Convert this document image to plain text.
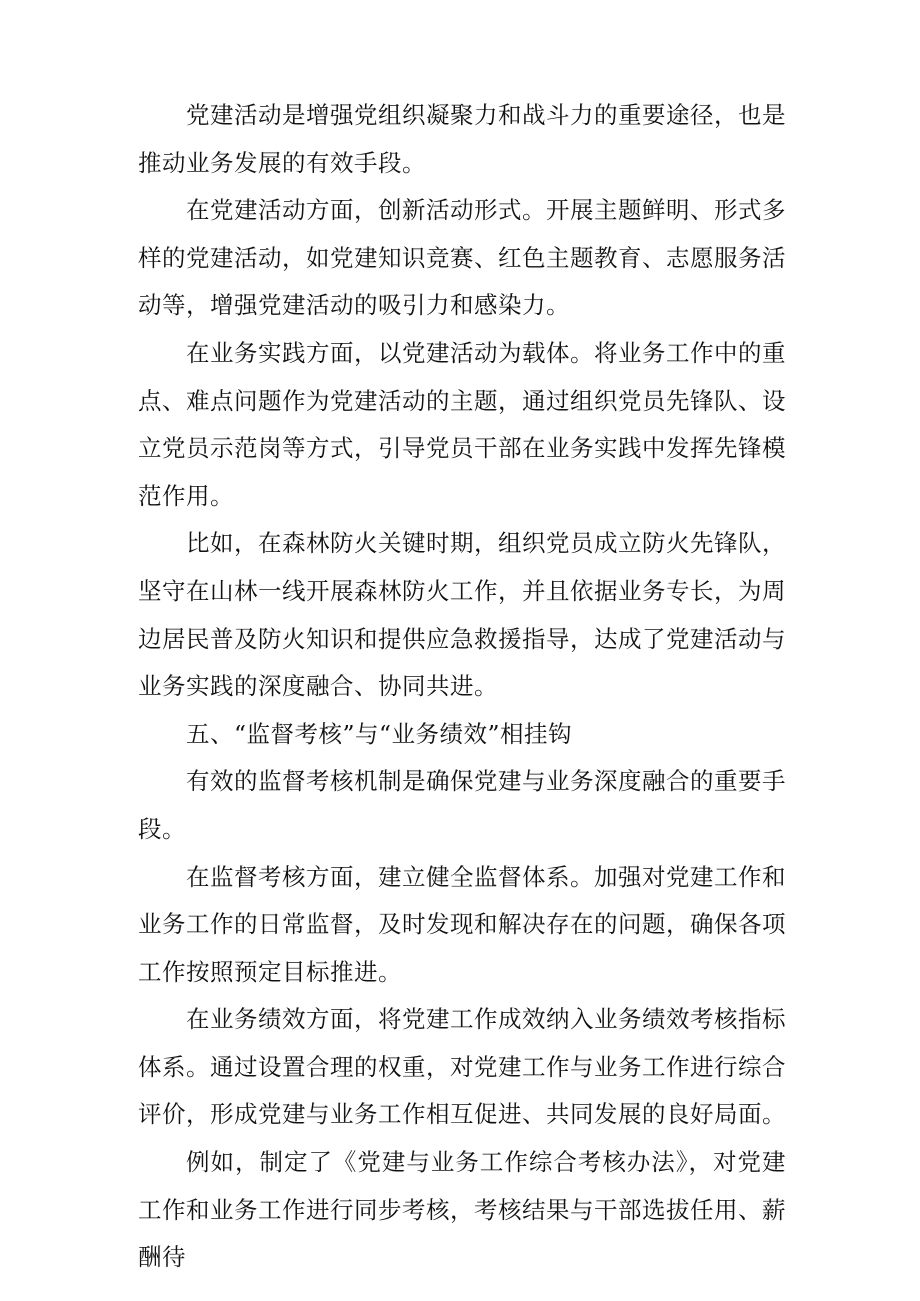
党建活动是增强党组织凝聚力和战斗力的重要途径，也是推动业务发展的有效手段。

在党建活动方面，创新活动形式。开展主题鲜明、形式多样的党建活动，如党建知识竞赛、红色主题教育、志愿服务活动等，增强党建活动的吸引力和感染力。

在业务实践方面，以党建活动为载体。将业务工作中的重点、难点问题作为党建活动的主题，通过组织党员先锋队、设立党员示范岗等方式，引导党员干部在业务实践中发挥先锋模范作用。

比如，在森林防火关键时期，组织党员成立防火先锋队，坚守在山林一线开展森林防火工作，并且依据业务专长，为周边居民普及防火知识和提供应急救援指导，达成了党建活动与业务实践的深度融合、协同共进。

五、“监督考核”与“业务绩效”相挂钩

有效的监督考核机制是确保党建与业务深度融合的重要手段。

在监督考核方面，建立健全监督体系。加强对党建工作和业务工作的日常监督，及时发现和解决存在的问题，确保各项工作按照预定目标推进。

在业务绩效方面，将党建工作成效纳入业务绩效考核指标体系。通过设置合理的权重，对党建工作与业务工作进行综合评价，形成党建与业务工作相互促进、共同发展的良好局面。

例如，制定了《党建与业务工作综合考核办法》，对党建工作和业务工作进行同步考核，考核结果与干部选拔任用、薪酬待
